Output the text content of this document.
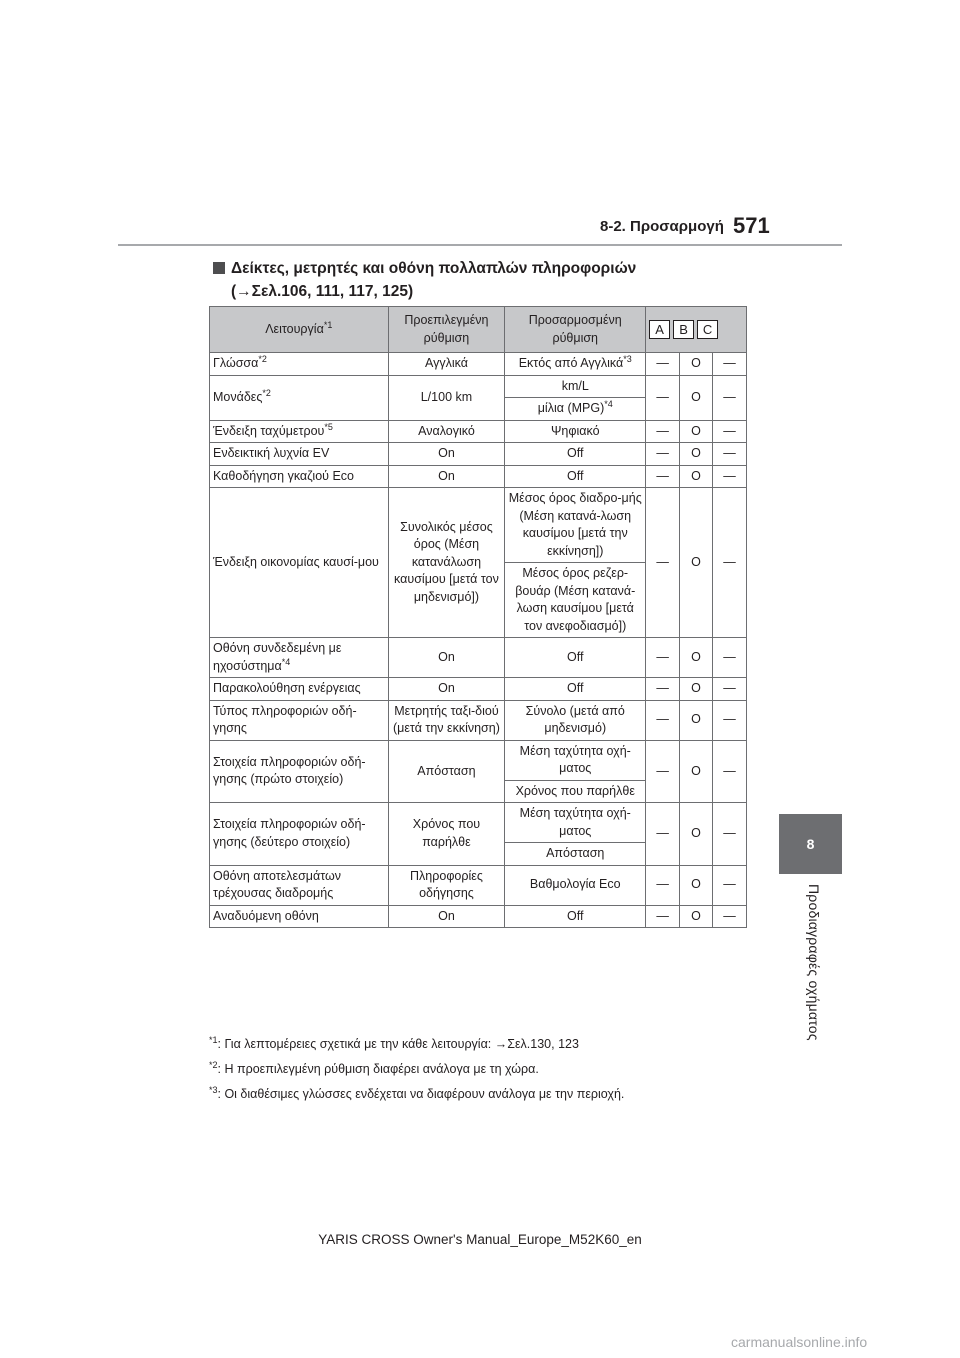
8-2. Προσαρμογή 571
8
Προδιαγραφές οχήματος
Δείκτες, μετρητές και οθόνη πολλαπλών πληροφοριών
(→Σελ.106, 111, 117, 125)
Λειτουργία$^{*1}$	Προεπιλεγμένη ρύθμιση	Προσαρμοσμένη ρύθμιση	A B C		

Γλώσσα$^{*2}$	Αγγλικά	Εκτός από Αγγλικά$^{*3}$	—	O	—
Μονάδες$^{*2}$	L/100 km	km/L	—	O	—
		μίλια (MPG)$^{*4}$
Ένδειξη ταχύμετρου$^{*5}$	Αναλογικό	Ψηφιακό	—	O	—
Ενδεικτική λυχνία EV	On	Off	—	O	—
Καθοδήγηση γκαζιού Eco	On	Off	—	O	—
Ένδειξη οικονομίας καυσί-μου	Συνολικός μέσος όρος (Μέση κατανάλωση καυσίμου [μετά τον μηδενισμό])	Μέσος όρος διαδρο-μής (Μέση κατανά-λωση καυσίμου [μετά την εκκίνηση])	—	O	—
		Μέσος όρος ρεζερ-βουάρ (Μέση κατανά-λωση καυσίμου [μετά τον ανεφοδιασμό])			
Οθόνη συνδεδεμένη με ηχοσύστημα$^{*4}$	On	Off	—	O	—
Παρακολούθηση ενέργειας	On	Off	—	O	—
Τύπος πληροφοριών οδή-γησης	Μετρητής ταξι-διού (μετά την εκκίνηση)	Σύνολο (μετά από μηδενισμό)	—	O	—
Στοιχεία πληροφοριών οδή-γησης (πρώτο στοιχείο)	Απόσταση	Μέση ταχύτητα οχή-ματος	—	O	—
		Χρόνος που παρήλθε			
Στοιχεία πληροφοριών οδή-γησης (δεύτερο στοιχείο)	Χρόνος που παρήλθε	Μέση ταχύτητα οχή-ματος	—	O	—
		Απόσταση			
Οθόνη αποτελεσμάτων τρέχουσας διαδρομής	Πληροφορίες οδήγησης	Βαθμολογία Eco	—	O	—
Αναδυόμενη οθόνη	On	Off	—	O	—
$^{*1}$: Για λεπτομέρειες σχετικά με την κάθε λειτουργία: →Σελ.130, 123
$^{*2}$: Η προεπιλεγμένη ρύθμιση διαφέρει ανάλογα με τη χώρα.
$^{*3}$: Οι διαθέσιμες γλώσσες ενδέχεται να διαφέρουν ανάλογα με την περιοχή.
YARIS CROSS Owner's Manual_Europe_M52K60_en
carmanualsonline.info
